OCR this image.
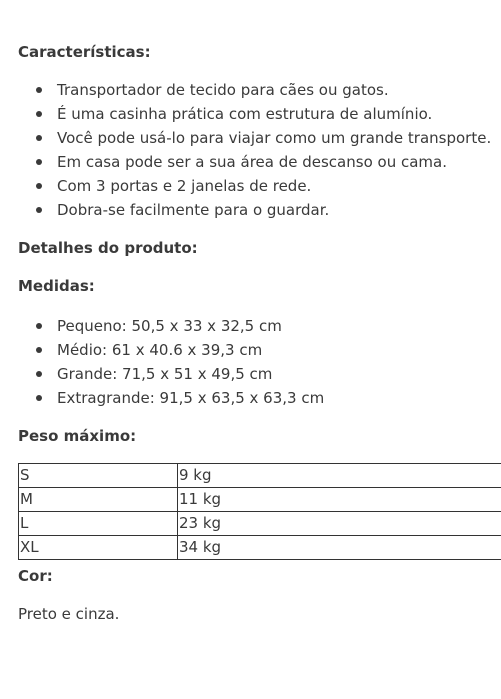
Características:
Transportador de tecido para cães ou gatos.
É uma casinha prática com estrutura de alumínio.
Você pode usá-lo para viajar como um grande transporte.
Em casa pode ser a sua área de descanso ou cama.
Com 3 portas e 2 janelas de rede.
Dobra-se facilmente para o guardar.
Detalhes do produto:
Medidas:
Pequeno: 50,5 x 33 x 32,5 cm
Médio: 61 x 40.6 x 39,3 cm
Grande: 71,5 x 51 x 49,5 cm
Extragrande: 91,5 x 63,5 x 63,3 cm
Peso máximo:
S	9 kg
M	11 kg
L	23 kg
XL	34 kg
Cor:
Preto e cinza.
